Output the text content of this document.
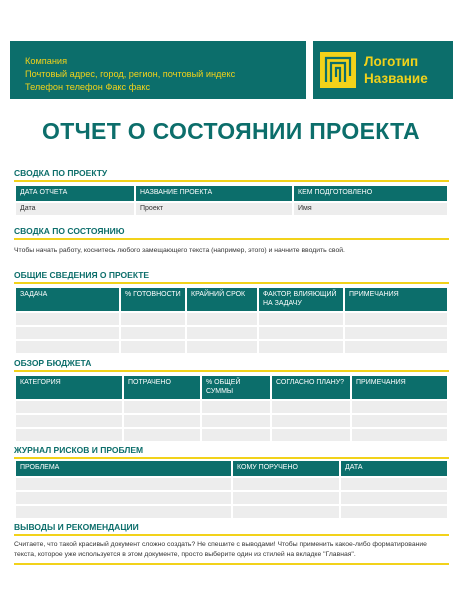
Компания
Почтовый адрес, город, регион, почтовый индекс
Телефон телефон Факс факс
Логотип
Название
ОТЧЕТ О СОСТОЯНИИ ПРОЕКТА
СВОДКА ПО ПРОЕКТУ
ДАТА ОТЧЕТА	НАЗВАНИЕ ПРОЕКТА	КЕМ ПОДГОТОВЛЕНО
Дата	Проект	Имя
СВОДКА ПО СОСТОЯНИЮ
Чтобы начать работу, коснитесь любого замещающего текста (например, этого) и начните вводить свой.
ОБЩИЕ СВЕДЕНИЯ О ПРОЕКТЕ
ЗАДАЧА	% ГОТОВНОСТИ	КРАЙНИЙ СРОК	ФАКТОР, ВЛИЯЮЩИЙ НА ЗАДАЧУ	ПРИМЕЧАНИЯ

ОБЗОР БЮДЖЕТА
КАТЕГОРИЯ	ПОТРАЧЕНО	% ОБЩЕЙ СУММЫ	СОГЛАСНО ПЛАНУ?	ПРИМЕЧАНИЯ

ЖУРНАЛ РИСКОВ И ПРОБЛЕМ
ПРОБЛЕМА	КОМУ ПОРУЧЕНО	ДАТА

ВЫВОДЫ И РЕКОМЕНДАЦИИ
Считаете, что такой красивый документ сложно создать? Не спешите с выводами! Чтобы применить какое-либо форматирование текста, которое уже используется в этом документе, просто выберите один из стилей на вкладке "Главная".
